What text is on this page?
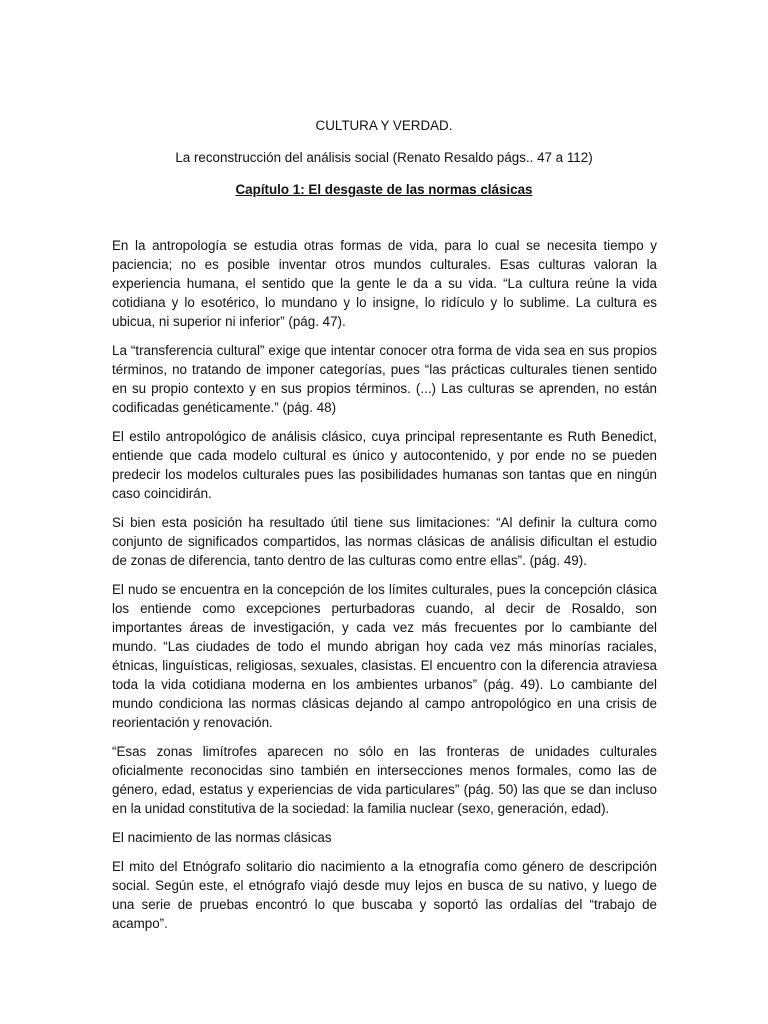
CULTURA Y VERDAD.

La reconstrucción del análisis social (Renato Resaldo págs.. 47 a 112)

Capítulo 1: El desgaste de las normas clásicas

En la antropología se estudia otras formas de vida, para lo cual se necesita tiempo y paciencia; no es posible inventar otros mundos culturales. Esas culturas valoran la experiencia humana, el sentido que la gente le da a su vida. “La cultura reúne la vida cotidiana y lo esotérico, lo mundano y lo insigne, lo ridículo y lo sublime. La cultura es ubicua, ni superior ni inferior” (pág. 47).

La “transferencia cultural” exige que intentar conocer otra forma de vida sea en sus propios términos, no tratando de imponer categorías, pues “las prácticas culturales tienen sentido en su propio contexto y en sus propios términos. (...) Las culturas se aprenden, no están codificadas genéticamente.” (pág. 48)

El estilo antropológico de análisis clásico, cuya principal representante es Ruth Benedict, entiende que cada modelo cultural es único y autocontenido, y por ende no se pueden predecir los modelos culturales pues las posibilidades humanas son tantas que en ningún caso coincidirán.

Si bien esta posición ha resultado útil tiene sus limitaciones: “Al definir la cultura como conjunto de significados compartidos, las normas clásicas de análisis dificultan el estudio de zonas de diferencia, tanto dentro de las culturas como entre ellas”. (pág. 49).

El nudo se encuentra en la concepción de los límites culturales, pues la concepción clásica los entiende como excepciones perturbadoras cuando, al decir de Rosaldo, son importantes áreas de investigación, y cada vez más frecuentes por lo cambiante del mundo. “Las ciudades de todo el mundo abrigan hoy cada vez más minorías raciales, étnicas, linguísticas, religiosas, sexuales, clasistas. El encuentro con la diferencia atraviesa toda la vida cotidiana moderna en los ambientes urbanos” (pág. 49). Lo cambiante del mundo condiciona las normas clásicas dejando al campo antropológico en una crisis de reorientación y renovación.

“Esas zonas limítrofes aparecen no sólo en las fronteras de unidades culturales oficialmente reconocidas sino también en intersecciones menos formales, como las de género, edad, estatus y experiencias de vida particulares” (pág. 50) las que se dan incluso en la unidad constitutiva de la sociedad: la familia nuclear (sexo, generación, edad).

El nacimiento de las normas clásicas

El mito del Etnógrafo solitario dio nacimiento a la etnografía como género de descripción social. Según este, el etnógrafo viajó desde muy lejos en busca de su nativo, y luego de una serie de pruebas encontró lo que buscaba y soportó las ordalías del “trabajo de acampo”.
